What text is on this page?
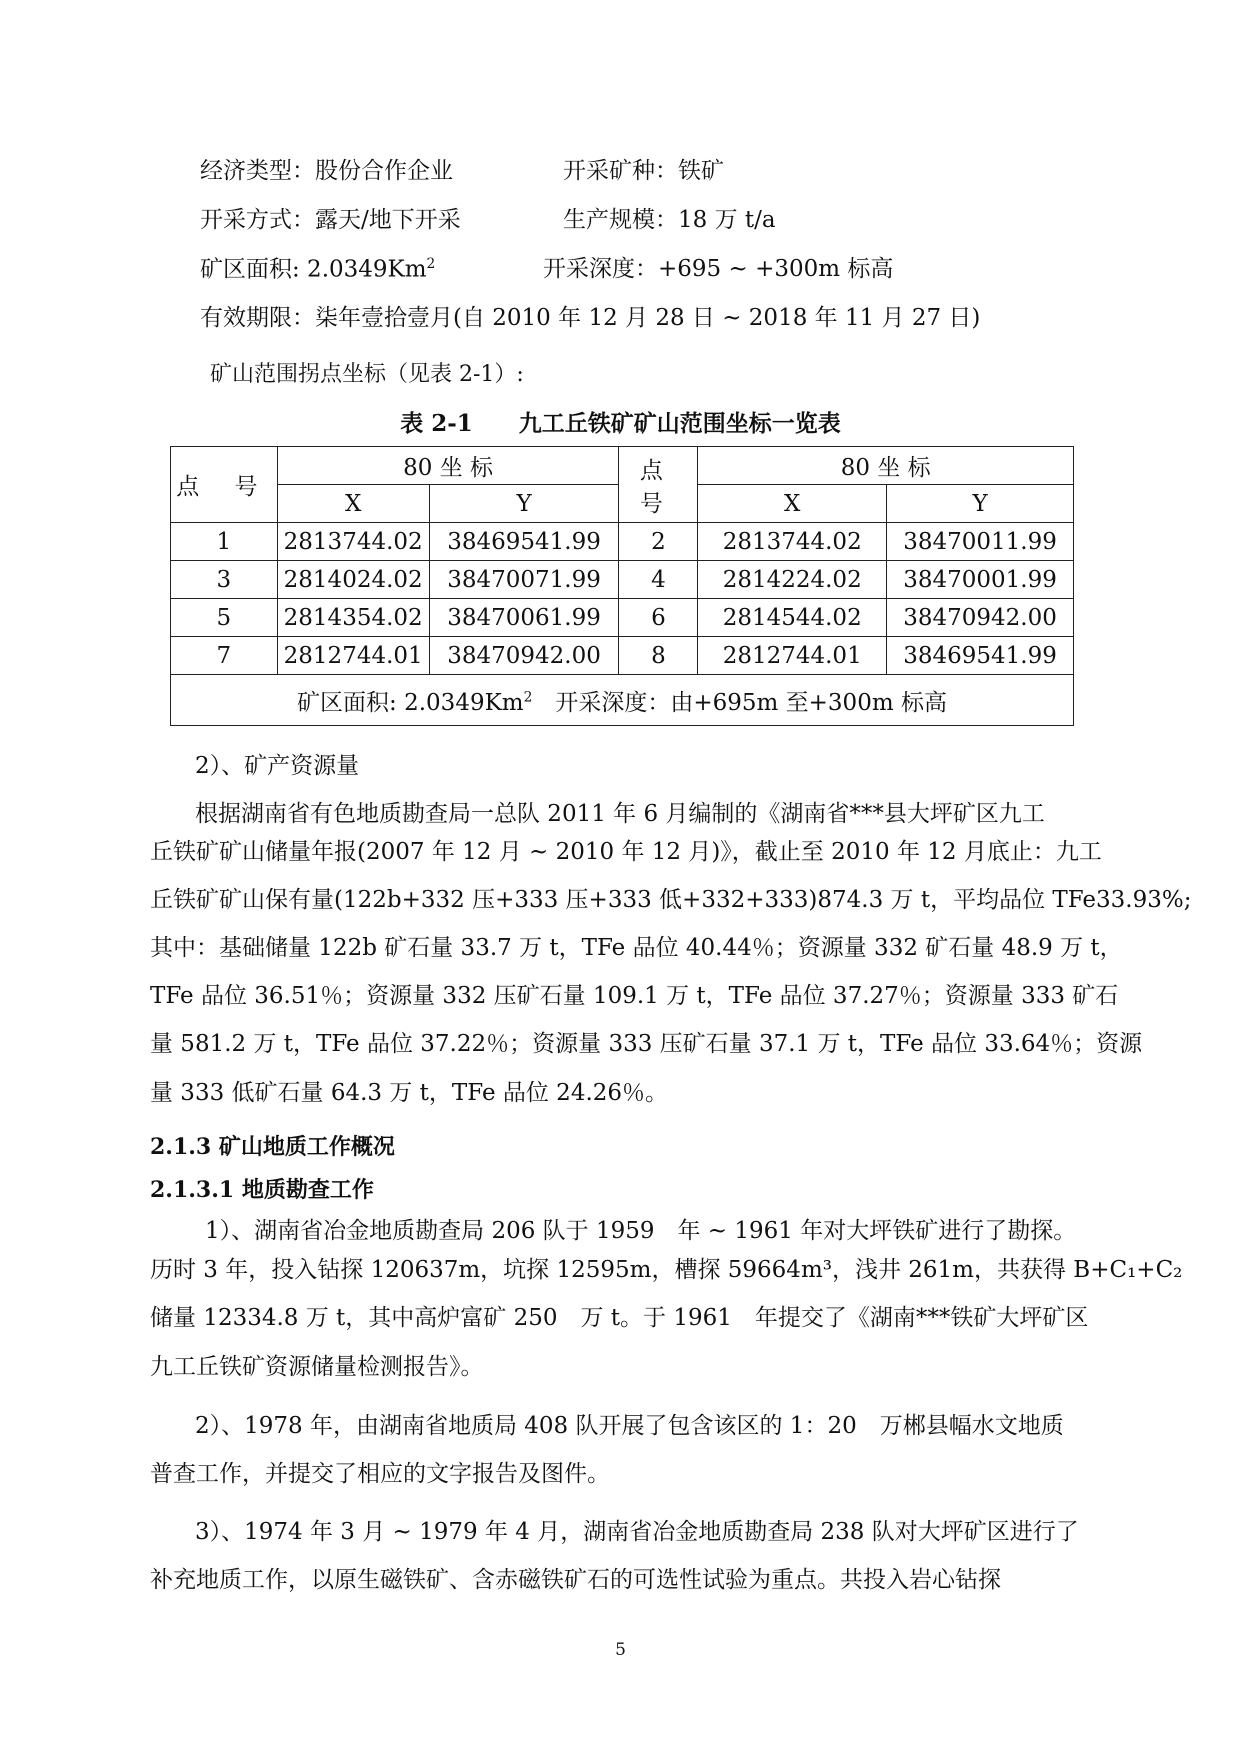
经济类型：股份合作企业	开采矿种：铁矿
开采方式：露天/地下开采	生产规模：18 万 t/a
矿区面积: 2.0349Km$^2$	开采深度：+695 ~ +300m 标高
有效期限：柒年壹拾壹月(自 2010 年 12 月 28 日 ~ 2018 年 11 月 27 日)
矿山范围拐点坐标（见表 2-1）:
表 2-1　　九工丘铁矿矿山范围坐标一览表
点 号	80 坐 标		点 号	80 坐 标	
	X	Y		X	Y
1	2813744.02	38469541.99	2	2813744.02	38470011.99
3	2814024.02	38470071.99	4	2814224.02	38470001.99
5	2814354.02	38470061.99	6	2814544.02	38470942.00
7	2812744.01	38470942.00	8	2812744.01	38469541.99
矿区面积: 2.0349Km$^2$　开采深度：由+695m 至+300m 标高					
2）、矿产资源量
根据湖南省有色地质勘查局一总队 2011 年 6 月编制的《湖南省***县大坪矿区九工
丘铁矿矿山储量年报(2007 年 12 月 ~ 2010 年 12 月)》，截止至 2010 年 12 月底止：九工
丘铁矿矿山保有量(122b+332 压+333 压+333 低+332+333)874.3 万 t，平均品位 TFe33.93%;
其中：基础储量 122b 矿石量 33.7 万 t，TFe 品位 40.44％；资源量 332 矿石量 48.9 万 t，
TFe 品位 36.51％；资源量 332 压矿石量 109.1 万 t，TFe 品位 37.27％；资源量 333 矿石
量 581.2 万 t，TFe 品位 37.22％；资源量 333 压矿石量 37.1 万 t，TFe 品位 33.64％；资源
量 333 低矿石量 64.3 万 t，TFe 品位 24.26％。
2.1.3 矿山地质工作概况
2.1.3.1 地质勘查工作
1）、湖南省冶金地质勘查局 206 队于 1959　年 ~ 1961 年对大坪铁矿进行了勘探。
历时 3 年，投入钻探 120637m，坑探 12595m，槽探 59664m³，浅井 261m，共获得 B+C₁+C₂
储量 12334.8 万 t，其中高炉富矿 250　万 t。于 1961　年提交了《湖南***铁矿大坪矿区
九工丘铁矿资源储量检测报告》。
2）、1978 年，由湖南省地质局 408 队开展了包含该区的 1：20　万郴县幅水文地质
普查工作，并提交了相应的文字报告及图件。
3）、1974 年 3 月 ~ 1979 年 4 月，湖南省冶金地质勘查局 238 队对大坪矿区进行了
补充地质工作，以原生磁铁矿、含赤磁铁矿石的可选性试验为重点。共投入岩心钻探
5
